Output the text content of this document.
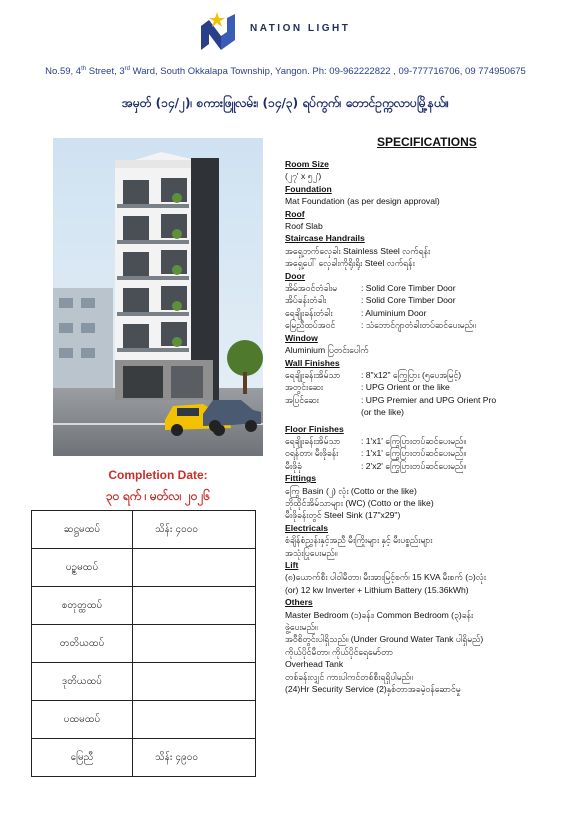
NATION LIGHT
No.59, 4th Street, 3rd Ward, South Okkalapa Township, Yangon. Ph: 09-962222822 , 09-777716706, 09 774950675
အမှတ် (၁၄/၂)၊ စကားဖြူလမ်း၊ (၁၄/၃) ရပ်ကွက်၊ တောင်ဥက္ကလာပမြို့နယ်။
Completion Date:
၃၀ ရက် ၊ မတ်လ၊ ၂၀၂၆
ဆဋ္ဌမထပ်	သိန်း ၄၀၀၀
ပဉ္စမထပ်	
စတုတ္ထထပ်	
တတိယထပ်	
ဒုတိယထပ်	
ပထမထပ်	
မြေညီ	သိန်း ၄၉၀၀
SPECIFICATIONS
Room Size
(၂၇' x ၅၂')
Foundation
Mat Foundation (as per design approval)
Roof
Roof Slab
Staircase Handrails
အရှေ့ဘက်လှေခါး Stainless Steel လက်ရန်း
အရှေ့ပေါ် လှေခါးကိုရိုးရိုး Steel လက်ရန်း
Door
အိမ်အဝင်တံခါးမ	: Solid Core Timber Door
အိပ်ခန်းတံခါး	: Solid Core Timber Door
ရေချိုးခန်းတံခါး	: Aluminium Door
မြေညီထပ်အဝင်	: သံဘောင်ဂျာတံခါးတပ်ဆင်ပေးမည်။
Window
Aluminium ပြတင်းပေါက်
Wall Finishes
ရေချိုးခန်းအိမ်သာ	: 8"x12" ကြွေပြား (၅ပေအမြင့်)
အတွင်းဆေး	: UPG Orient or the like
အပြင်ဆေး	: UPG Premier and UPG Orient Pro
(or the like)
Floor Finishes
ရေချိုးခန်းအိမ်သာ	: 1'x1' ကြွေပြားတပ်ဆင်ပေးမည်။
ဝရန်တာ၊ မီးဖိုခန်း	: 1'x1' ကြွေပြားတပ်ဆင်ပေးမည်။
မီးဖိုခုံ	: 2'x2' ကြွေပြားတပ်ဆင်ပေးမည်။
Fittings
ကြွေ Basin (၂) လုံး (Cotto or the like)
ဘိုထိုင်အိမ်သာများ (WC) (Cotto or the like)
မီးဖိုခန်းတွင် Steel Sink (17"x29")
Electricals
စံချိန်စံညွှန်းနှင့်အညီ မီးကြိုးများ နှင့် မီးပစ္စည်းများ
အသုံးပြုပေးမည်။
Lift
(၈)ယောက်စီး ပါဝါမီတာ၊ မီးအားမြင့်စက်၊ 15 KVA မီးစက် (၁)လုံး
(or) 12 kw Inverter + Lithium Battery (15.36kWh)
Others
Master Bedroom (၁)ခန်း၊ Common Bedroom (၃)ခန်း
ဖွဲ့ပေးမည်။
အဝီစိတွင်းပါရှိသည်။ (Under Ground Water Tank ပါရှိမည်)
ကိုယ်ပိုင်မီတာ၊ ကိုယ်ပိုင်ရေမော်တာ
Overhead Tank
တစ်ခန်းလျှင် ကားပါကင်တစ်စီးရရှိပါမည်။
(24)Hr Security Service (2)နှစ်တာအခမဲ့ဝန်ဆောင်မှု
